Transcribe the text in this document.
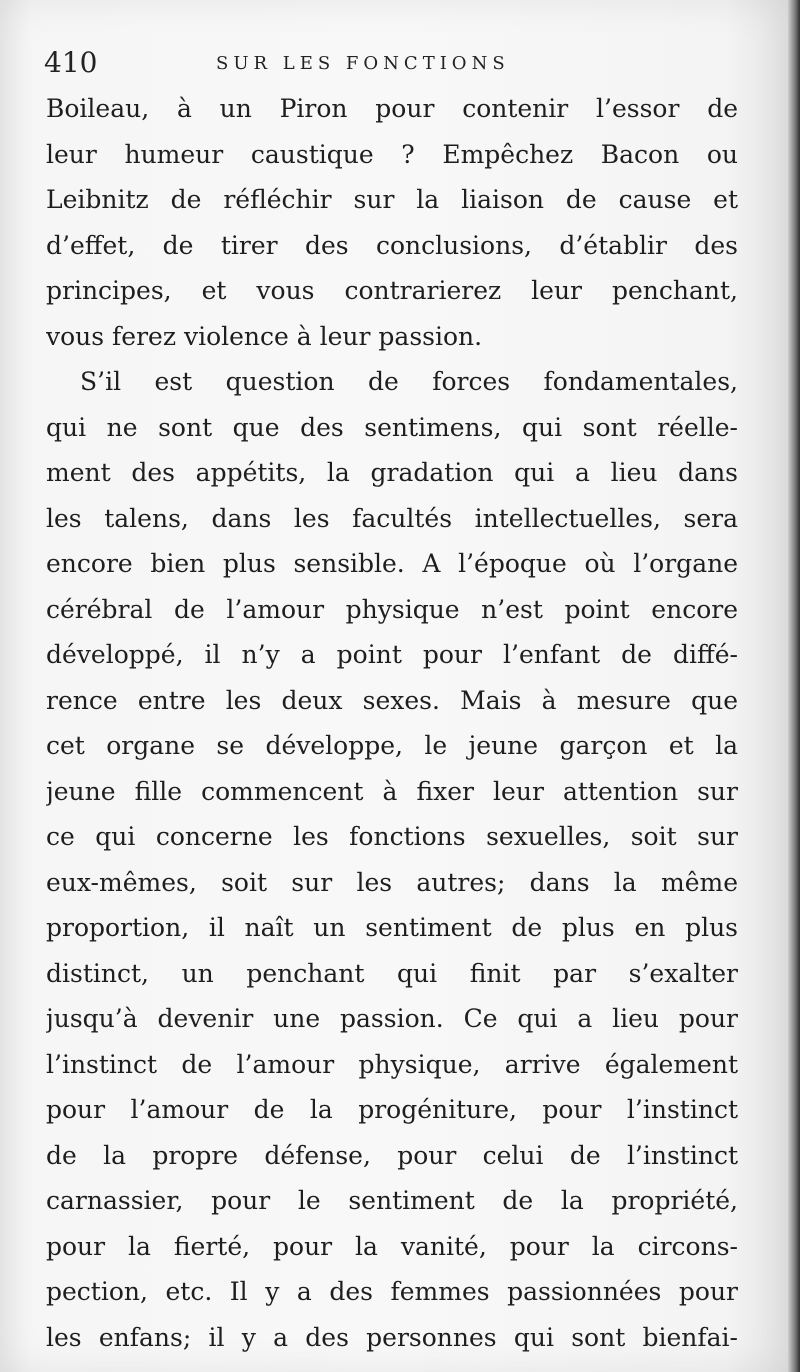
410	SUR LES FONCTIONS
Boileau, à un Piron pour contenir l’essor de
leur humeur caustique ? Empêchez Bacon ou
Leibnitz de réfléchir sur la liaison de cause et
d’effet, de tirer des conclusions, d’établir des
principes, et vous contrarierez leur penchant,
vous ferez violence à leur passion.
S’il est question de forces fondamentales,
qui ne sont que des sentimens, qui sont réelle-
ment des appétits, la gradation qui a lieu dans
les talens, dans les facultés intellectuelles, sera
encore bien plus sensible. A l’époque où l’organe
cérébral de l’amour physique n’est point encore
développé, il n’y a point pour l’enfant de diffé-
rence entre les deux sexes. Mais à mesure que
cet organe se développe, le jeune garçon et la
jeune fille commencent à fixer leur attention sur
ce qui concerne les fonctions sexuelles, soit sur
eux-mêmes, soit sur les autres; dans la même
proportion, il naît un sentiment de plus en plus
distinct, un penchant qui finit par s’exalter
jusqu’à devenir une passion. Ce qui a lieu pour
l’instinct de l’amour physique, arrive également
pour l’amour de la progéniture, pour l’instinct
de la propre défense, pour celui de l’instinct
carnassier, pour le sentiment de la propriété,
pour la fierté, pour la vanité, pour la circons-
pection, etc. Il y a des femmes passionnées pour
les enfans; il y a des personnes qui sont bienfai-
